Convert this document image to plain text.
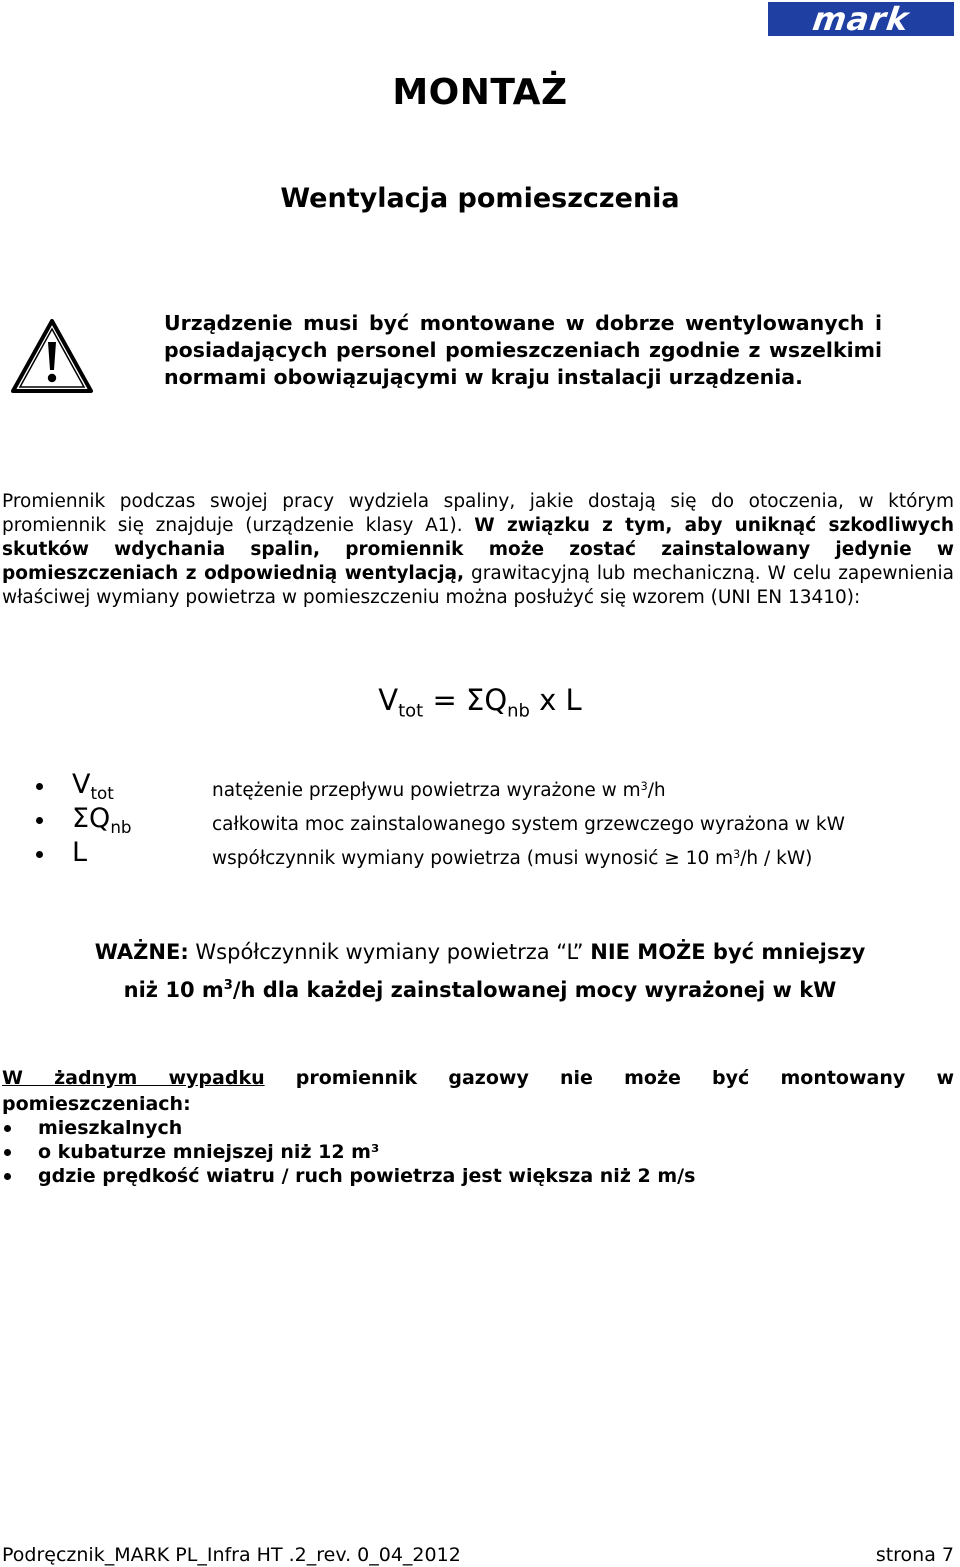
mark	®
MONTAŻ
Wentylacja pomieszczenia
Urządzenie musi być montowane w dobrze wentylowanych i posiadających personel pomieszczeniach zgodnie z wszelkimi normami obowiązującymi w kraju instalacji urządzenia.
Promiennik podczas swojej pracy wydziela spaliny, jakie dostają się do otoczenia, w którym promiennik się znajduje (urządzenie klasy A1). W związku z tym, aby uniknąć szkodliwych skutków wdychania spalin, promiennik może zostać zainstalowany jedynie w pomieszczeniach z odpowiednią wentylacją, grawitacyjną lub mechaniczną. W celu zapewnienia właściwej wymiany powietrza w pomieszczeniu można posłużyć się wzorem (UNI EN 13410):
$V_{tot} = \Sigma Q_{nb}$ x L
$V_{tot}$	natężenie przepływu powietrza wyrażone w $m^3/h$
$\Sigma Q_{nb}$	całkowita moc zainstalowanego system grzewczego wyrażona w kW
L	współczynnik wymiany powietrza (musi wynosić ≥ 10 $m^3/h / kW$)
WAŻNE: Współczynnik wymiany powietrza “L” NIE MOŻE być mniejszy
niż 10 $m^3/h$ dla każdej zainstalowanej mocy wyrażonej w kW
W żadnym wypadku promiennik gazowy nie może być montowany w
pomieszczeniach:
mieszkalnych
o kubaturze mniejszej niż 12 m³
gdzie prędkość wiatru / ruch powietrza jest większa niż 2 m/s
Podręcznik_MARK PL_Infra HT .2_rev. 0_04_2012	strona 7
